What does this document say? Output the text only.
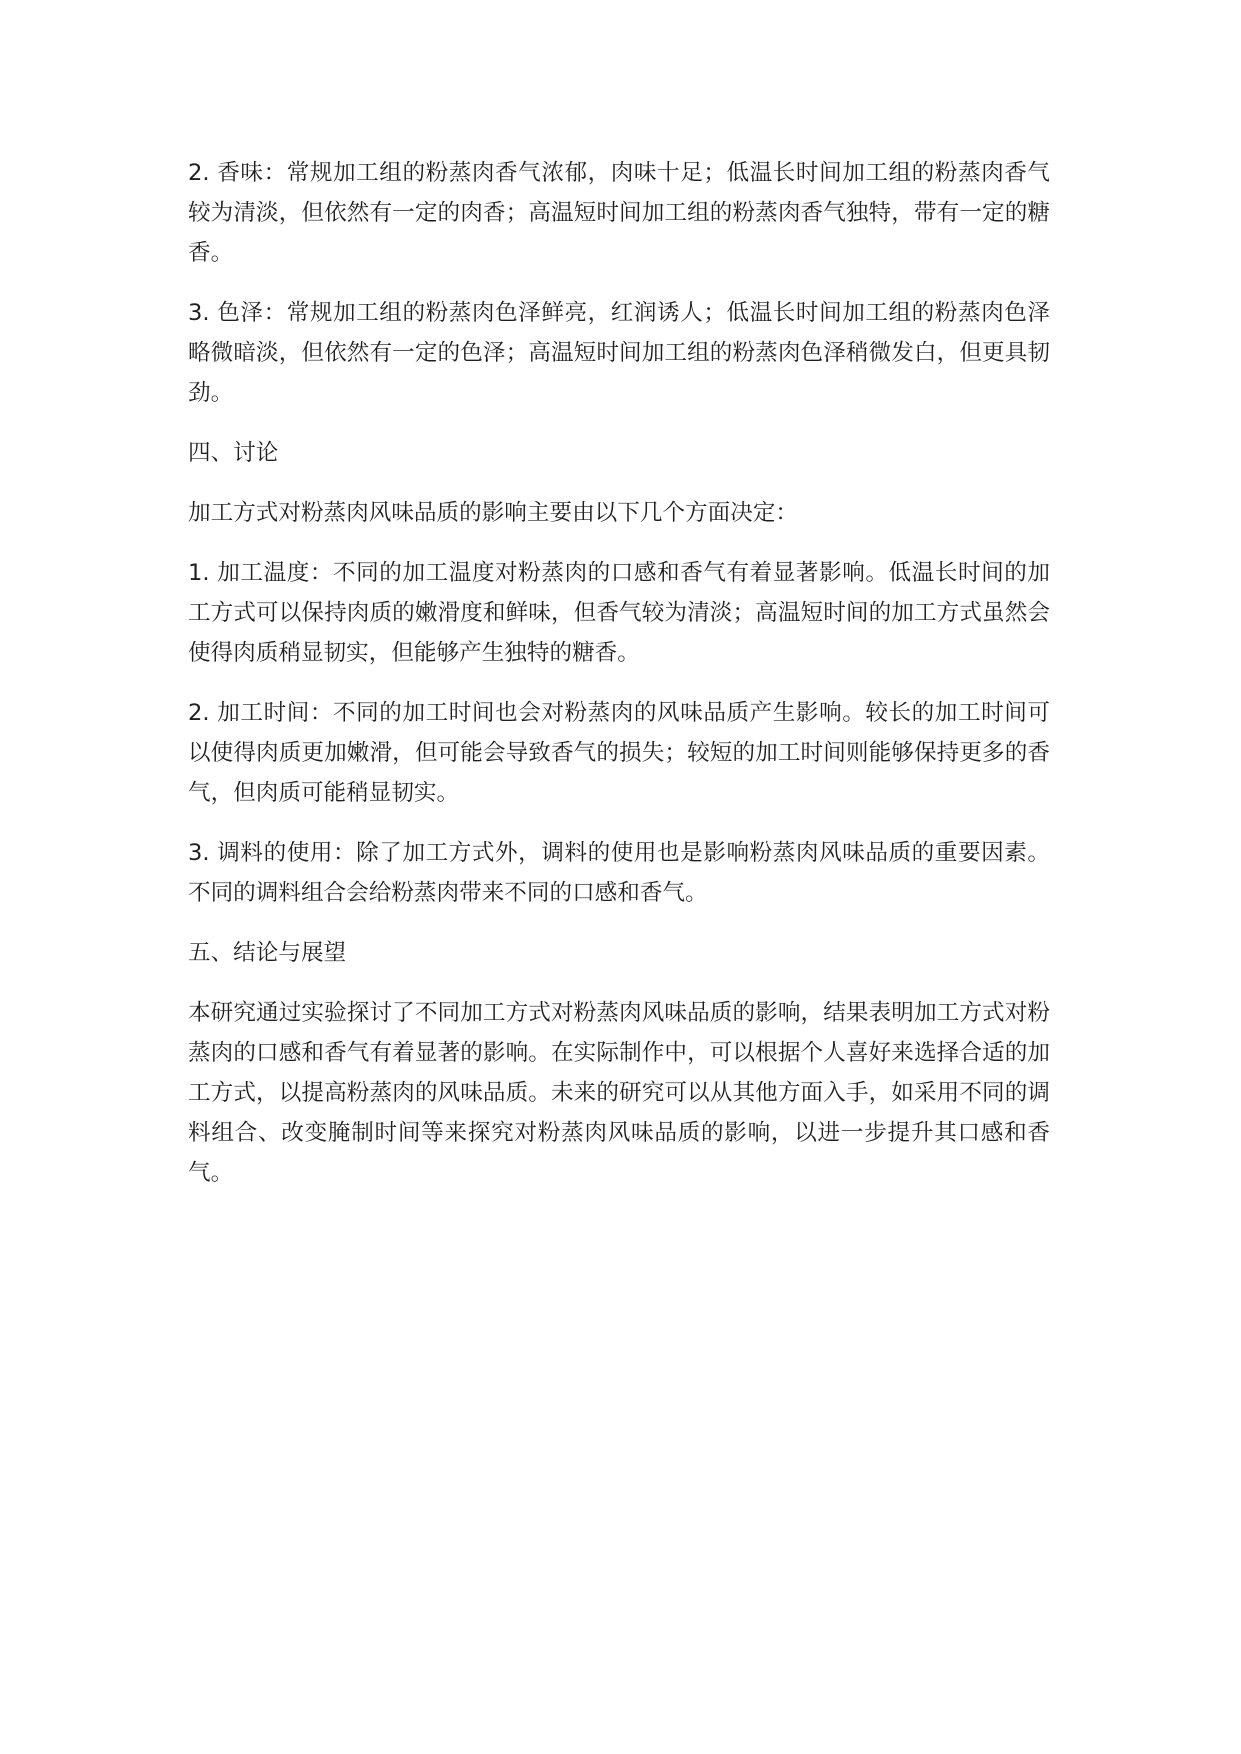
2. 香味：常规加工组的粉蒸肉香气浓郁，肉味十足；低温长时间加工组的粉蒸肉香气较为清淡，但依然有一定的肉香；高温短时间加工组的粉蒸肉香气独特，带有一定的糖香。

3. 色泽：常规加工组的粉蒸肉色泽鲜亮，红润诱人；低温长时间加工组的粉蒸肉色泽略微暗淡，但依然有一定的色泽；高温短时间加工组的粉蒸肉色泽稍微发白，但更具韧劲。

四、讨论

加工方式对粉蒸肉风味品质的影响主要由以下几个方面决定：

1. 加工温度：不同的加工温度对粉蒸肉的口感和香气有着显著影响。低温长时间的加工方式可以保持肉质的嫩滑度和鲜味，但香气较为清淡；高温短时间的加工方式虽然会使得肉质稍显韧实，但能够产生独特的糖香。

2. 加工时间：不同的加工时间也会对粉蒸肉的风味品质产生影响。较长的加工时间可以使得肉质更加嫩滑，但可能会导致香气的损失；较短的加工时间则能够保持更多的香气，但肉质可能稍显韧实。

3. 调料的使用：除了加工方式外，调料的使用也是影响粉蒸肉风味品质的重要因素。不同的调料组合会给粉蒸肉带来不同的口感和香气。

五、结论与展望

本研究通过实验探讨了不同加工方式对粉蒸肉风味品质的影响，结果表明加工方式对粉蒸肉的口感和香气有着显著的影响。在实际制作中，可以根据个人喜好来选择合适的加工方式，以提高粉蒸肉的风味品质。未来的研究可以从其他方面入手，如采用不同的调料组合、改变腌制时间等来探究对粉蒸肉风味品质的影响，以进一步提升其口感和香气。
